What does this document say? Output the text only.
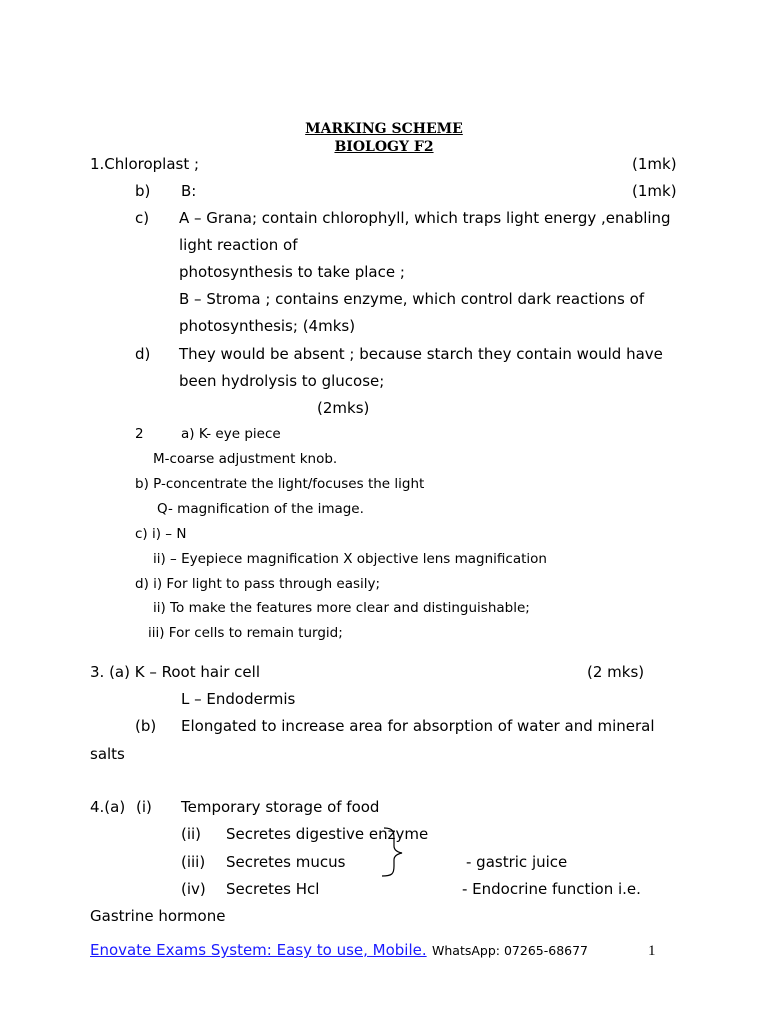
MARKING SCHEME
BIOLOGY F2
1.Chloroplast ;	(1mk)
b) B:	(1mk)
c) A – Grana; contain chlorophyll, which traps light energy ,enabling
light reaction of
photosynthesis to take place ;
B – Stroma ; contains enzyme, which control dark reactions of
photosynthesis; (4mks)
d) They would be absent ; because starch they contain would have
been hydrolysis to glucose;
(2mks)
2	a) K- eye piece
M-coarse adjustment knob.
b) P-concentrate the light/focuses the light
Q- magnification of the image.
c) i) – N
ii) – Eyepiece magnification X objective lens magnification
d) i) For light to pass through easily;
ii) To make the features more clear and distinguishable;
iii) For cells to remain turgid;
3. (a) K – Root hair cell	(2 mks)
L – Endodermis
(b) Elongated to increase area for absorption of water and mineral
salts
4.(a) (i) Temporary storage of food
(ii) Secretes digestive enzyme
(iii) Secretes mucus	- gastric juice
(iv) Secretes Hcl	- Endocrine function i.e.
Gastrine hormone
Enovate Exams System: Easy to use, Mobile. WhatsApp: 07265-68677	1
